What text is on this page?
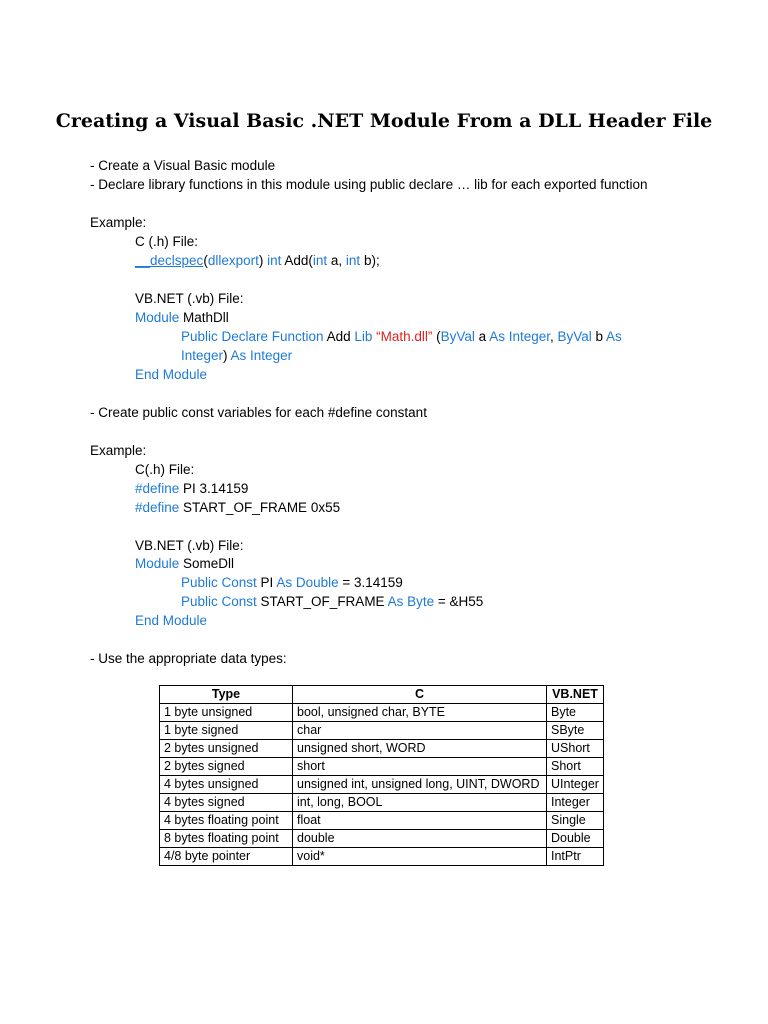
Creating a Visual Basic .NET Module From a DLL Header File
- Create a Visual Basic module
- Declare library functions in this module using public declare … lib for each exported function
Example:
C (.h) File:
__declspec(dllexport) int Add(int a, int b);
VB.NET (.vb) File:
Module MathDll
Public Declare Function Add Lib “Math.dll” (ByVal a As Integer, ByVal b As
Integer) As Integer
End Module
- Create public const variables for each #define constant
Example:
C(.h) File:
#define PI 3.14159
#define START_OF_FRAME 0x55
VB.NET (.vb) File:
Module SomeDll
Public Const PI As Double = 3.14159
Public Const START_OF_FRAME As Byte = &H55
End Module
- Use the appropriate data types:
Type	C	VB.NET
1 byte unsigned	bool, unsigned char, BYTE	Byte
1 byte signed	char	SByte
2 bytes unsigned	unsigned short, WORD	UShort
2 bytes signed	short	Short
4 bytes unsigned	unsigned int, unsigned long, UINT, DWORD	UInteger
4 bytes signed	int, long, BOOL	Integer
4 bytes floating point	float	Single
8 bytes floating point	double	Double
4/8 byte pointer	void*	IntPtr
